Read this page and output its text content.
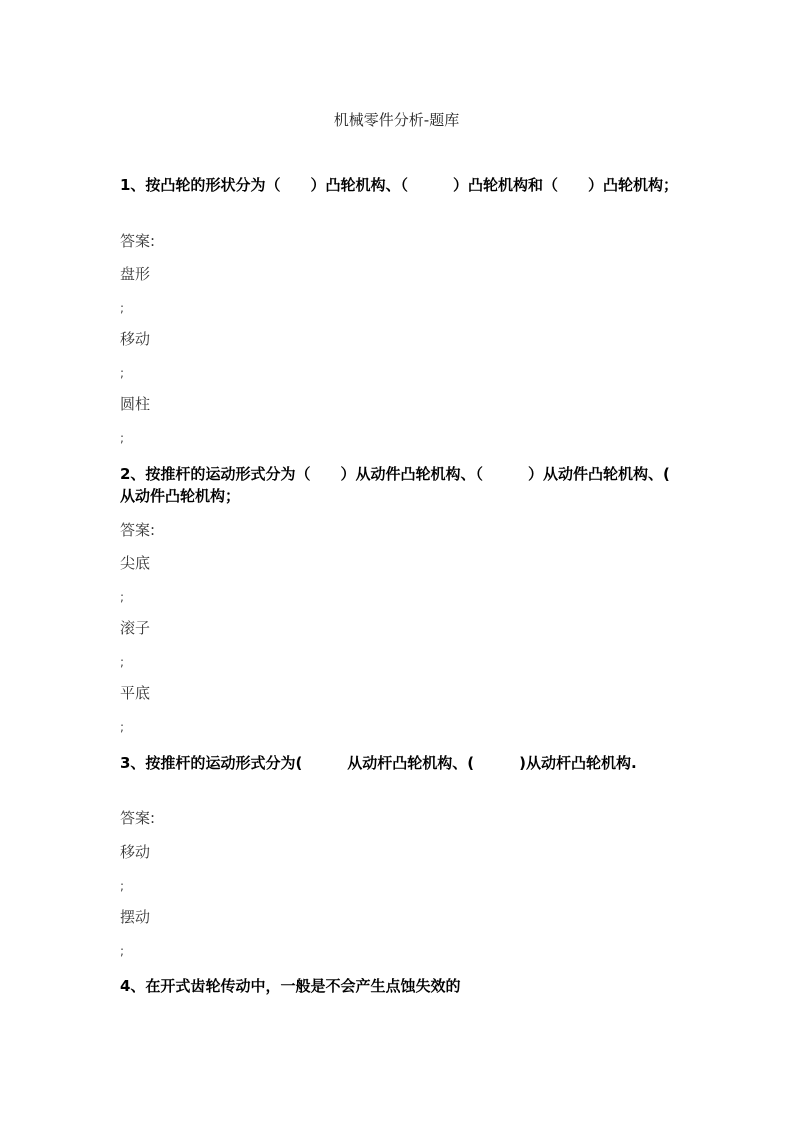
机械零件分析-题库
1、按凸轮的形状分为（　　）凸轮机构、（　　　）凸轮机构和（　　）凸轮机构；
答案:
盘形
;
移动
;
圆柱
;
2、按推杆的运动形式分为（　　）从动件凸轮机构、（　　　）从动件凸轮机构、(　　　从动件凸轮机构；
答案:
尖底
;
滚子
;
平底
;
3、按推杆的运动形式分为(　　　从动杆凸轮机构、(　　　)从动杆凸轮机构.
答案:
移动
;
摆动
;
4、在开式齿轮传动中，一般是不会产生点蚀失效的
